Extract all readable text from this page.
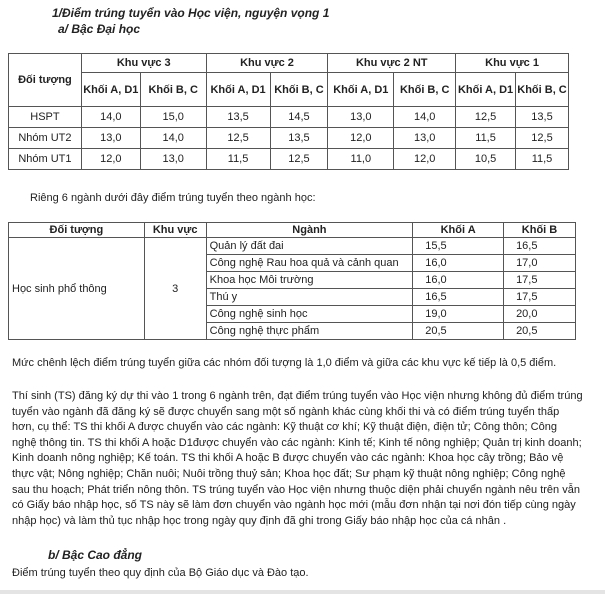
1/Điểm trúng tuyển vào Học viện, nguyện vọng 1
a/ Bậc Đại học
Đối tượng	Khu vực 3		Khu vực 2		Khu vực 2 NT		Khu vực 1	
	Khối A, D1	Khối B, C	Khối A, D1	Khối B, C	Khối A, D1	Khối B, C	Khối A, D1	Khối B, C
HSPT	14,0	15,0	13,5	14,5	13,0	14,0	12,5	13,5
Nhóm UT2	13,0	14,0	12,5	13,5	12,0	13,0	11,5	12,5
Nhóm UT1	12,0	13,0	11,5	12,5	11,0	12,0	10,5	11,5

Riêng 6 ngành dưới đây điểm trúng tuyển theo ngành học:

Đối tượng	Khu vực	Ngành	Khối A	Khối B
Học sinh phổ thông	3	Quản lý đất đai	15,5	16,5
		Công nghệ Rau hoa quả và cảnh quan	16,0	17,0
		Khoa học Môi trường	16,0	17,5
		Thú y	16,5	17,5
		Công nghệ sinh học	19,0	20,0
		Công nghệ thực phẩm	20,5	20,5

Mức chênh lệch điểm trúng tuyển giữa các nhóm đối tượng là 1,0 điểm và giữa các khu vực kế tiếp là 0,5 điểm.

Thí sinh (TS) đăng ký dự thi vào 1 trong 6 ngành trên, đạt điểm trúng tuyển vào Học viện nhưng không đủ điểm trúng
tuyển vào ngành đã đăng ký sẽ được chuyển sang một số ngành khác cùng khối thi và có điểm trúng tuyển thấp
hơn, cụ thể: TS thi khối A được chuyển vào các ngành: Kỹ thuật cơ khí; Kỹ thuật điện, điện tử; Công thôn; Công
nghệ thông tin. TS thi khối A hoặc D1được chuyển vào các ngành: Kinh tế; Kinh tế nông nghiệp; Quản trị kinh doanh;
Kinh doanh nông nghiệp; Kế toán. TS thi khối A hoặc B được chuyển vào các ngành: Khoa học cây trồng; Bảo vệ
thực vật; Nông nghiệp; Chăn nuôi; Nuôi trồng thuỷ sản; Khoa học đất; Sư phạm kỹ thuật nông nghiệp; Công nghệ
sau thu hoạch; Phát triển nông thôn. TS trúng tuyển vào Học viện nhưng thuộc diện phải chuyển ngành nêu trên vẫn
có Giấy báo nhập học, số TS này sẽ làm đơn chuyển vào ngành học mới (mẫu đơn nhận tại nơi đón tiếp cùng ngày
nhập học) và làm thủ tục nhập học trong ngày quy định đã ghi trong Giấy báo nhập học của cá nhân .
b/ Bậc Cao đẳng

Điểm trúng tuyển theo quy định của Bộ Giáo dục và Đào tạo.
